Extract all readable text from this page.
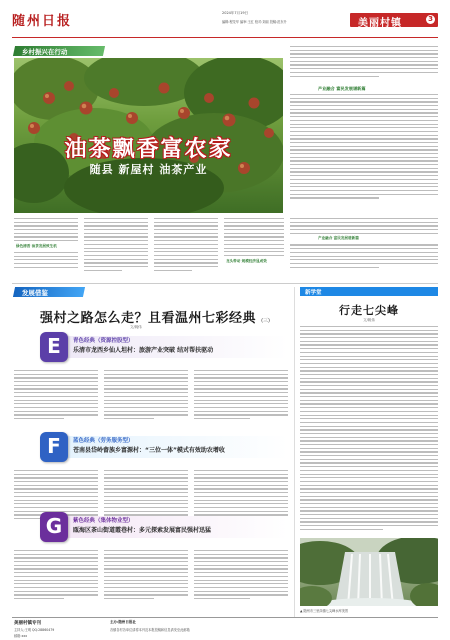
随州日报
2024年7月19日
编辑:程龙华 编审:王红 校对:刘丽 投稿:范东升	美丽村镇	3
乡村振兴在行动
油茶飘香富农家
随县 新屋村 油茶产业
产业融合 富民发展谱新篇
绿色清香 油茶发展致生机
龙头带动 规模经济显成效
产业融合 富民发展谱新篇
发展借鉴
强村之路怎么走？且看温州七彩经典 (三)
文/姚伟
E	青色经典（资源控股型）
乐清市龙西乡仙人坦村：旅游产业突破 结对帮扶驱动
F	蓝色经典（劳务服务型）
苍南县岱岭畲族乡富源村：“三位一体”模式有效助农增收
G	紫色经典（集体物业型）
瓯海区茶山街道霞巷村：多元探索发展富民强村迅猛
新学堂
行走七尖峰
文/姚伟
▲ 随州市三里岗镇七尖峰水库美景
美丽村镇专刊
主持人:王明 QQ:28860479
邮箱:xxx
主办:随州日报社
各镇各村各单位请将本刊及本报投稿和信息请发至此邮箱
